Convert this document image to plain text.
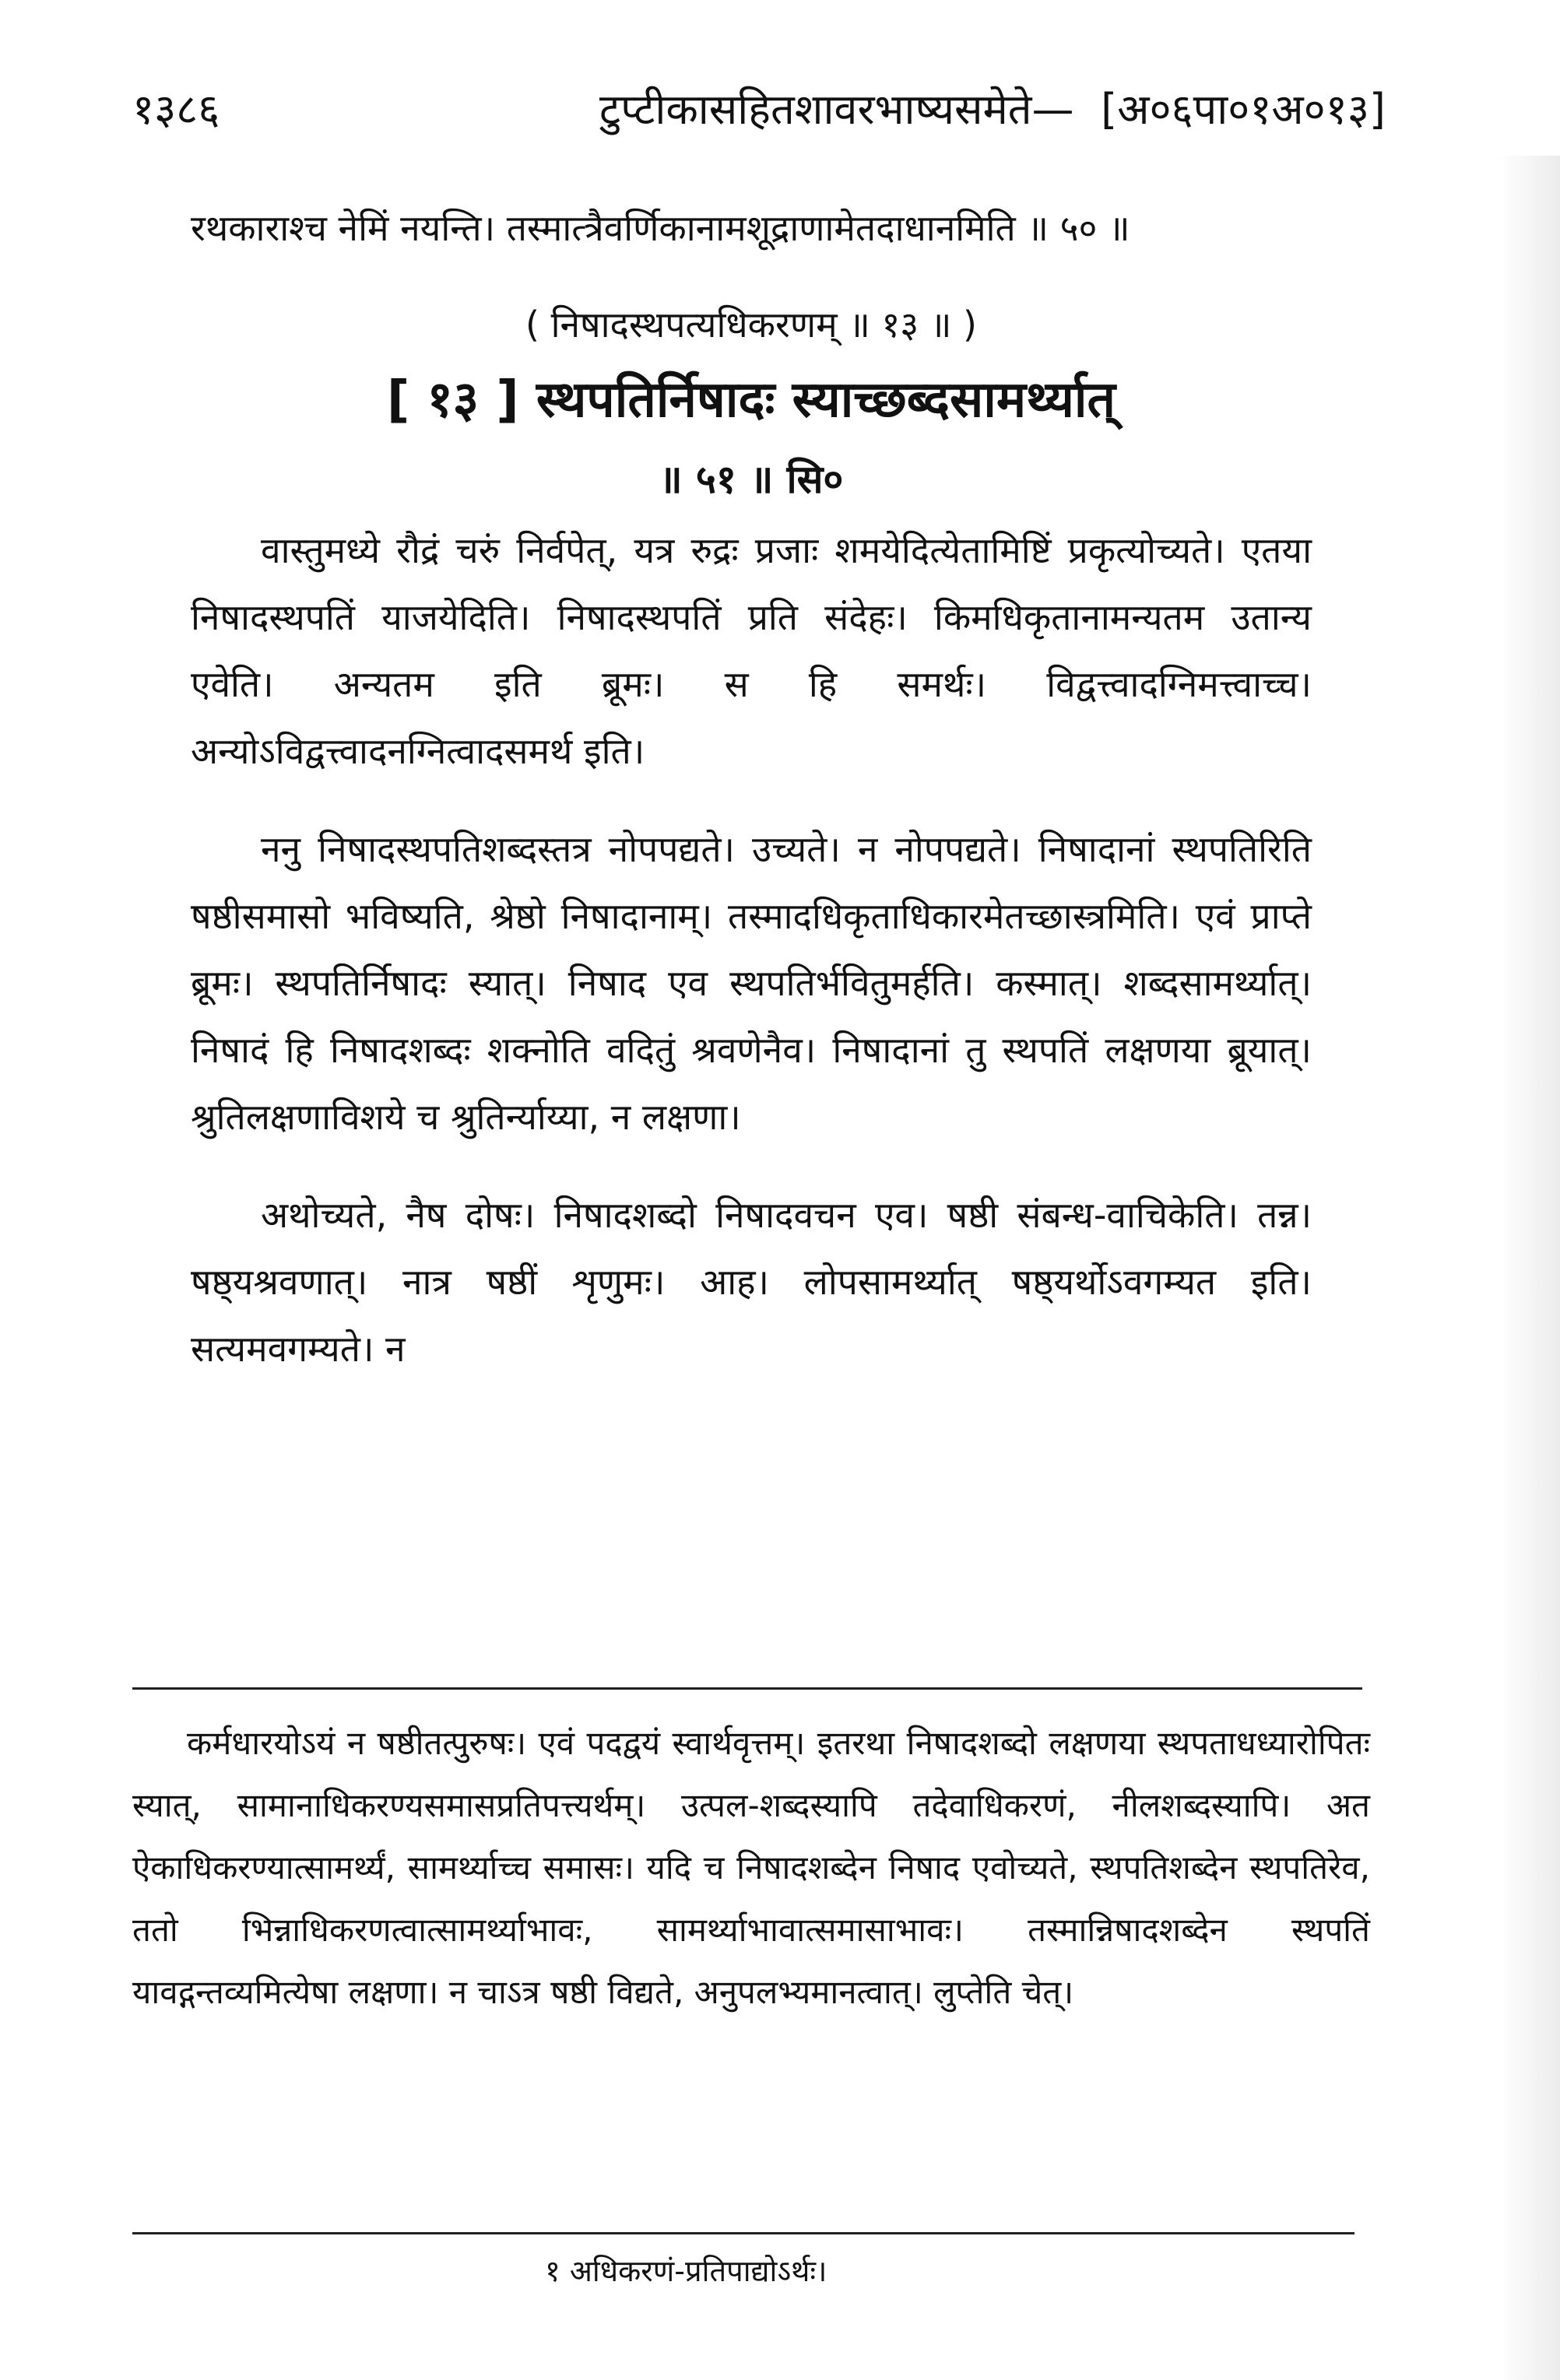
१३८६	टुप्टीकासहितशावरभाष्यसमेते— [अ०६पा०१अ०१३]

रथकाराश्च नेमिं नयन्ति। तस्मात्त्रैवर्णिकानामशूद्राणामेतदाधानमिति ॥ ५० ॥

( निषादस्थपत्यधिकरणम् ॥ १३ ॥ )

[ १३ ] स्थपतिर्निषादः स्याच्छब्दसामर्थ्यात्

॥ ५१ ॥ सि०

वास्तुमध्ये रौद्रं चरुं निर्वपेत्, यत्र रुद्रः प्रजाः शमयेदित्येतामिष्टिं प्रकृत्योच्यते। एतया निषादस्थपतिं याजयेदिति। निषादस्थपतिं प्रति संदेहः। किमधिकृतानामन्यतम उतान्य एवेति। अन्यतम इति ब्रूमः। स हि समर्थः। विद्वत्त्वादग्निमत्त्वाच्च। अन्योऽविद्वत्त्वादनग्नित्वादसमर्थ इति।

ननु निषादस्थपतिशब्दस्तत्र नोपपद्यते। उच्यते। न नोपपद्यते। निषादानां स्थपतिरिति षष्ठीसमासो भविष्यति, श्रेष्ठो निषादानाम्। तस्मादधिकृताधिकारमेतच्छास्त्रमिति। एवं प्राप्ते ब्रूमः। स्थपतिर्निषादः स्यात्। निषाद एव स्थपतिर्भवितुमर्हति। कस्मात्। शब्दसामर्थ्यात्। निषादं हि निषादशब्दः शक्नोति वदितुं श्रवणेनैव। निषादानां तु स्थपतिं लक्षणया ब्रूयात्। श्रुतिलक्षणाविशये च श्रुतिर्न्याय्या, न लक्षणा।

अथोच्यते, नैष दोषः। निषादशब्दो निषादवचन एव। षष्ठी संबन्ध-वाचिकेति। तन्न। षष्ठ्यश्रवणात्। नात्र षष्ठीं शृणुमः। आह। लोपसामर्थ्यात् षष्ठ्यर्थोऽवगम्यत इति। सत्यमवगम्यते। न

कर्मधारयोऽयं न षष्ठीतत्पुरुषः। एवं पदद्वयं स्वार्थवृत्तम्। इतरथा निषादशब्दो लक्षणया स्थपताधध्यारोपितः स्यात्, सामानाधिकरण्यसमासप्रतिपत्त्यर्थम्। उत्पल-शब्दस्यापि तदेवाधिकरणं, नीलशब्दस्यापि। अत ऐकाधिकरण्यात्सामर्थ्यं, सामर्थ्याच्च समासः। यदि च निषादशब्देन निषाद एवोच्यते, स्थपतिशब्देन स्थपतिरेव, ततो भिन्नाधिकरणत्वात्सामर्थ्याभावः, सामर्थ्याभावात्समासाभावः। तस्मान्निषादशब्देन स्थपतिं यावद्गन्तव्यमित्येषा लक्षणा। न चाऽत्र षष्ठी विद्यते, अनुपलभ्यमानत्वात्। लुप्तेति चेत्।

१ अधिकरणं-प्रतिपाद्योऽर्थः।
